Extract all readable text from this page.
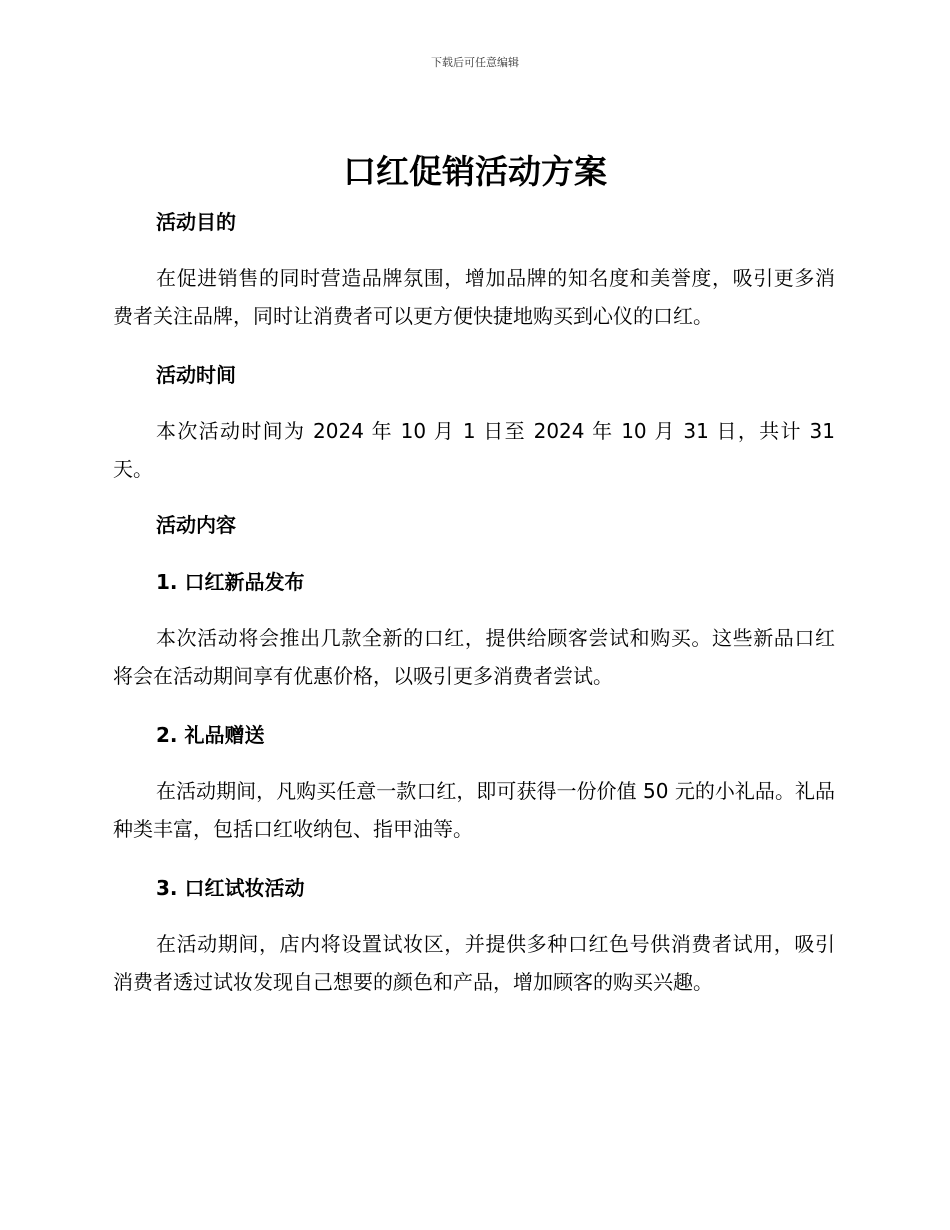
下载后可任意编辑
口红促销活动方案
活动目的

在促进销售的同时营造品牌氛围，增加品牌的知名度和美誉度，吸引更多消费者关注品牌，同时让消费者可以更方便快捷地购买到心仪的口红。

活动时间

本次活动时间为 2024 年 10 月 1 日至 2024 年 10 月 31 日，共计 31 天。

活动内容
1. 口红新品发布

本次活动将会推出几款全新的口红，提供给顾客尝试和购买。这些新品口红将会在活动期间享有优惠价格，以吸引更多消费者尝试。

2. 礼品赠送

在活动期间，凡购买任意一款口红，即可获得一份价值 50 元的小礼品。礼品种类丰富，包括口红收纳包、指甲油等。

3. 口红试妆活动

在活动期间，店内将设置试妆区，并提供多种口红色号供消费者试用，吸引消费者透过试妆发现自己想要的颜色和产品，增加顾客的购买兴趣。
